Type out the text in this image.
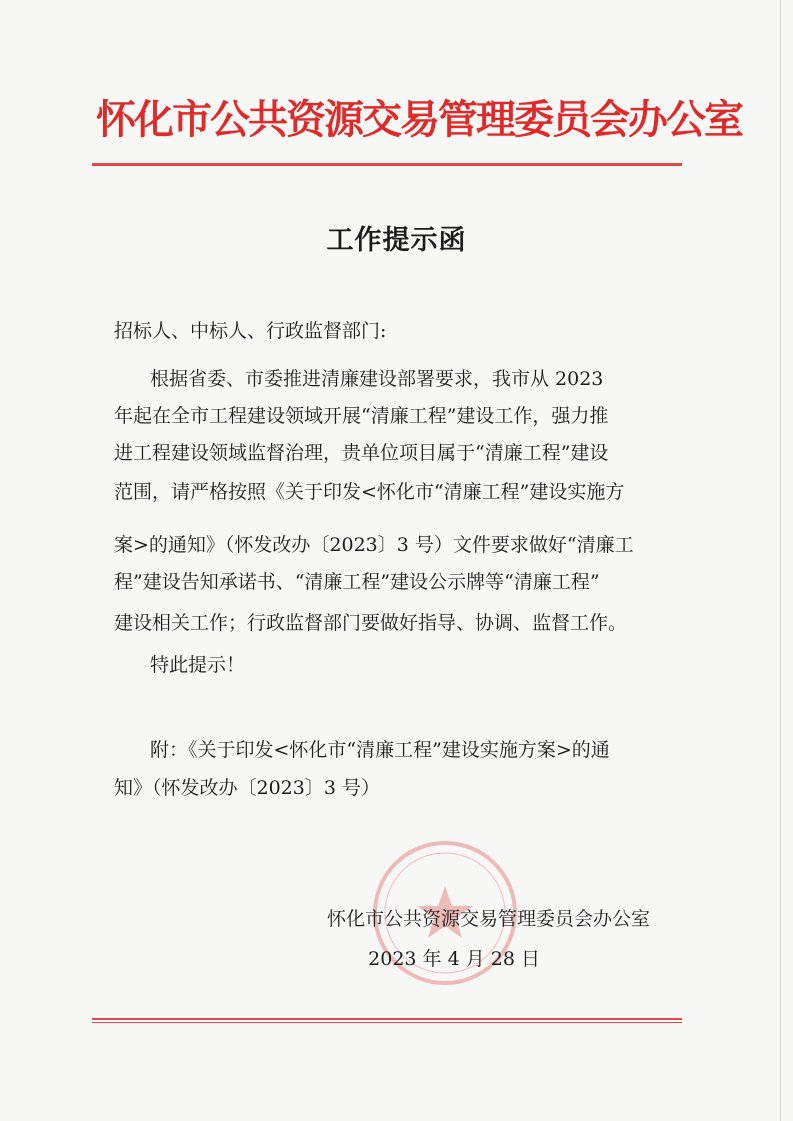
怀化市公共资源交易管理委员会办公室
工作提示函
招标人、中标人、行政监督部门:
根据省委、市委推进清廉建设部署要求，我市从 2023
年起在全市工程建设领域开展“清廉工程”建设工作，强力推
进工程建设领域监督治理，贵单位项目属于“清廉工程”建设
范围，请严格按照《关于印发<怀化市“清廉工程”建设实施方
案>的通知》（怀发改办〔2023〕3 号）文件要求做好“清廉工
程”建设告知承诺书、“清廉工程”建设公示牌等“清廉工程”
建设相关工作；行政监督部门要做好指导、协调、监督工作。
特此提示！
附：《关于印发<怀化市“清廉工程”建设实施方案>的通
知》（怀发改办〔2023〕3 号）
怀化市公共资源交易管理委员会办公室
2023 年 4 月 28 日
